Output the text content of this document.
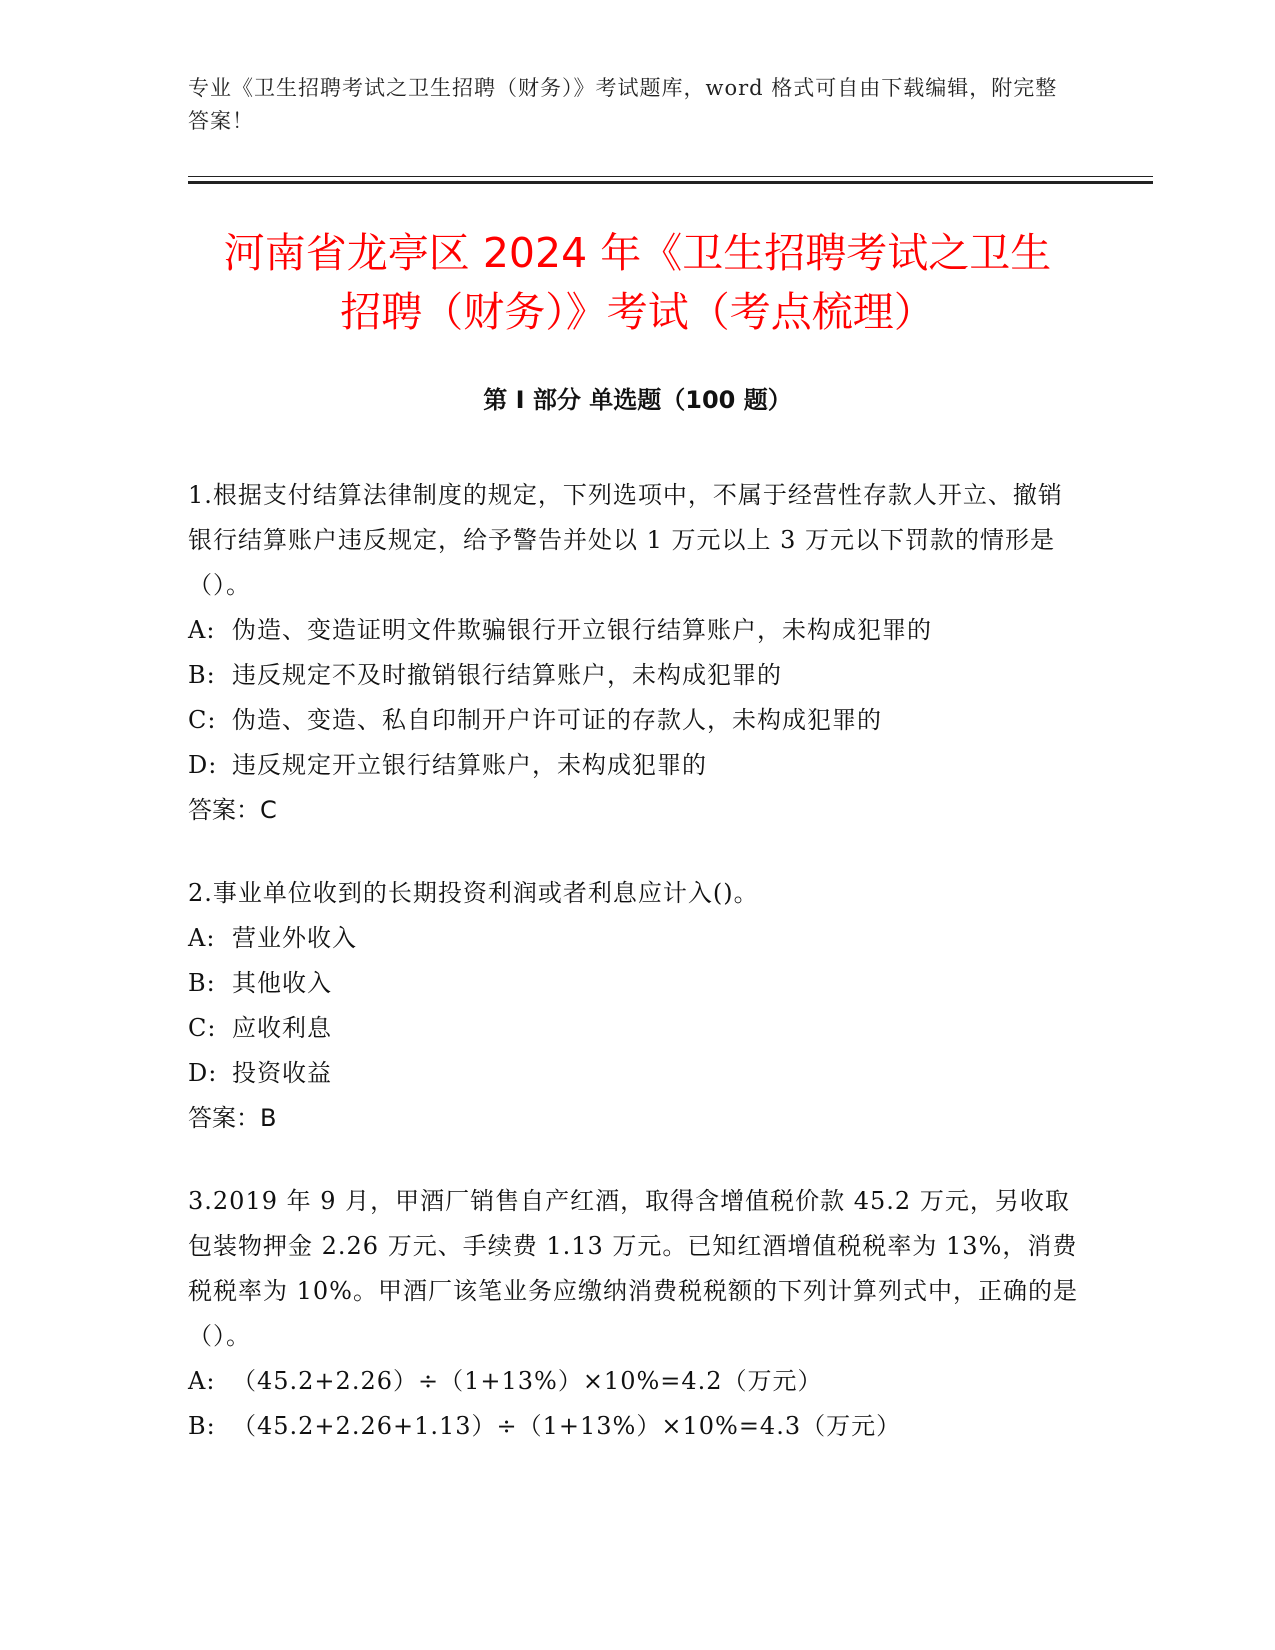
专业《卫生招聘考试之卫生招聘（财务）》考试题库，word 格式可自由下载编辑，附完整答案！
河南省龙亭区 2024 年《卫生招聘考试之卫生
招聘（财务）》考试（考点梳理）
第 I 部分 单选题（100 题）

1.根据支付结算法律制度的规定，下列选项中，不属于经营性存款人开立、撤销银行结算账户违反规定，给予警告并处以 1 万元以上 3 万元以下罚款的情形是（）。

A: 伪造、变造证明文件欺骗银行开立银行结算账户，未构成犯罪的

B: 违反规定不及时撤销银行结算账户，未构成犯罪的

C: 伪造、变造、私自印制开户许可证的存款人，未构成犯罪的

D: 违反规定开立银行结算账户，未构成犯罪的

答案：C

2.事业单位收到的长期投资利润或者利息应计入()。

A: 营业外收入

B: 其他收入

C: 应收利息

D: 投资收益

答案：B

3.2019 年 9 月，甲酒厂销售自产红酒，取得含增值税价款 45.2 万元，另收取包装物押金 2.26 万元、手续费 1.13 万元。已知红酒增值税税率为 13%，消费税税率为 10%。甲酒厂该笔业务应缴纳消费税税额的下列计算列式中，正确的是（）。

A: （45.2+2.26）÷（1+13%）×10%=4.2（万元）

B: （45.2+2.26+1.13）÷（1+13%）×10%=4.3（万元）
